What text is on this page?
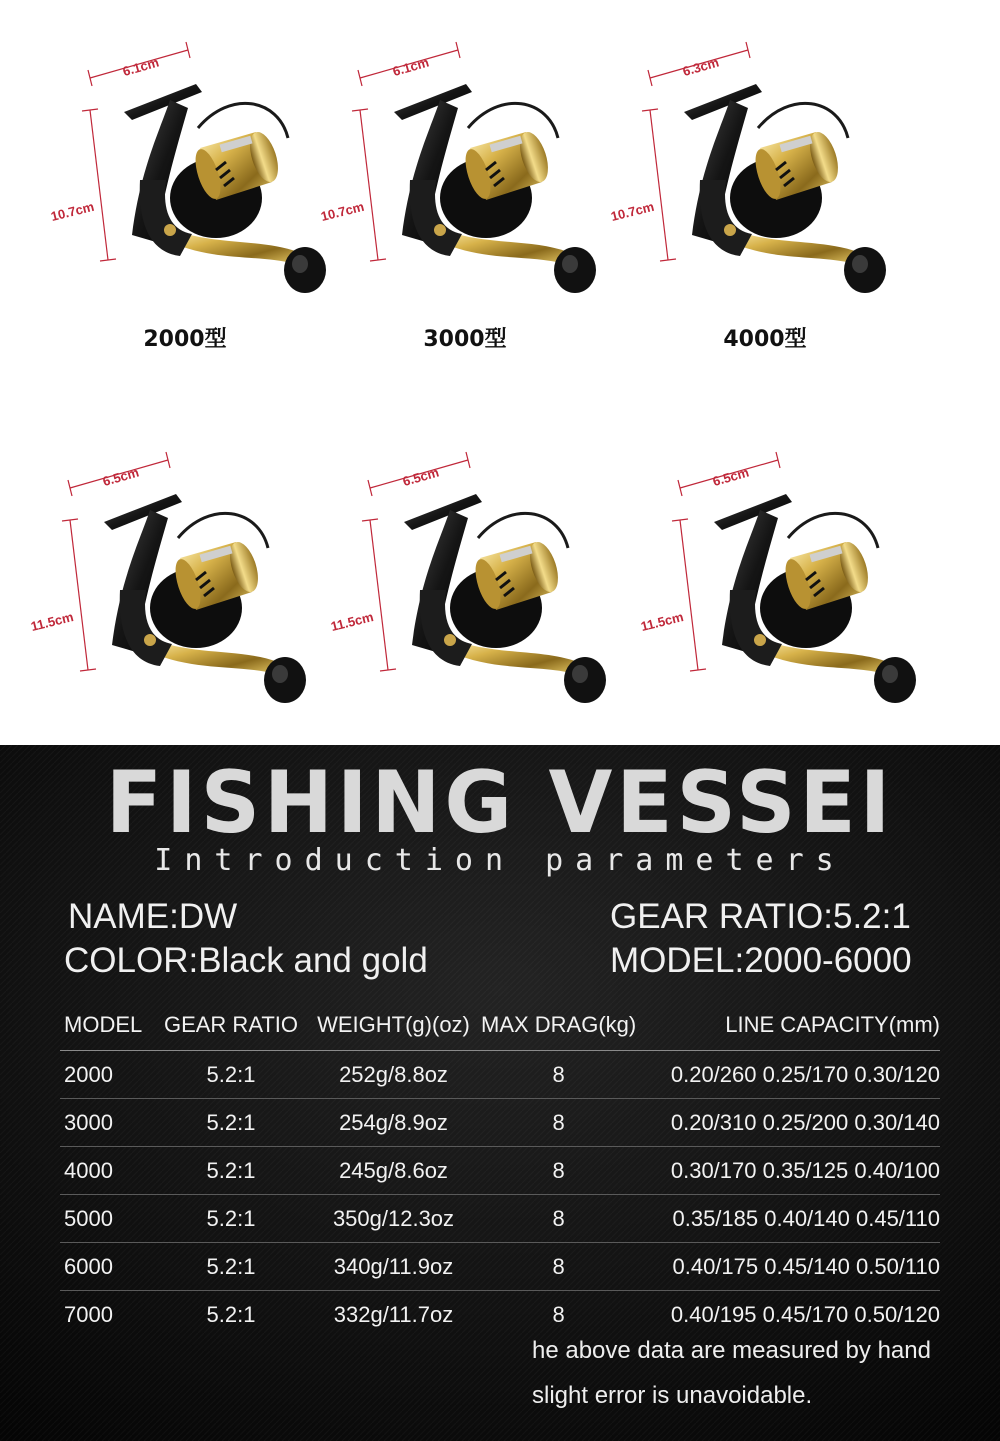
6.1cm
10.7cm
2000型
6.1cm
10.7cm
3000型
6.3cm
10.7cm
4000型
6.5cm
11.5cm
6.5cm
11.5cm
6.5cm
11.5cm
FISHING VESSEI
Introduction parameters
NAME:DW
COLOR:Black and gold
GEAR RATIO:5.2:1
MODEL:2000-6000
MODEL	GEAR RATIO	WEIGHT(g)(oz)	MAX DRAG(kg)	LINE CAPACITY(mm)
2000	5.2:1	252g/8.8oz	8	0.20/260 0.25/170 0.30/120
3000	5.2:1	254g/8.9oz	8	0.20/310 0.25/200 0.30/140
4000	5.2:1	245g/8.6oz	8	0.30/170 0.35/125 0.40/100
5000	5.2:1	350g/12.3oz	8	0.35/185 0.40/140 0.45/110
6000	5.2:1	340g/11.9oz	8	0.40/175 0.45/140 0.50/110
7000	5.2:1	332g/11.7oz	8	0.40/195 0.45/170 0.50/120
he above data are measured by hand
slight error is unavoidable.
